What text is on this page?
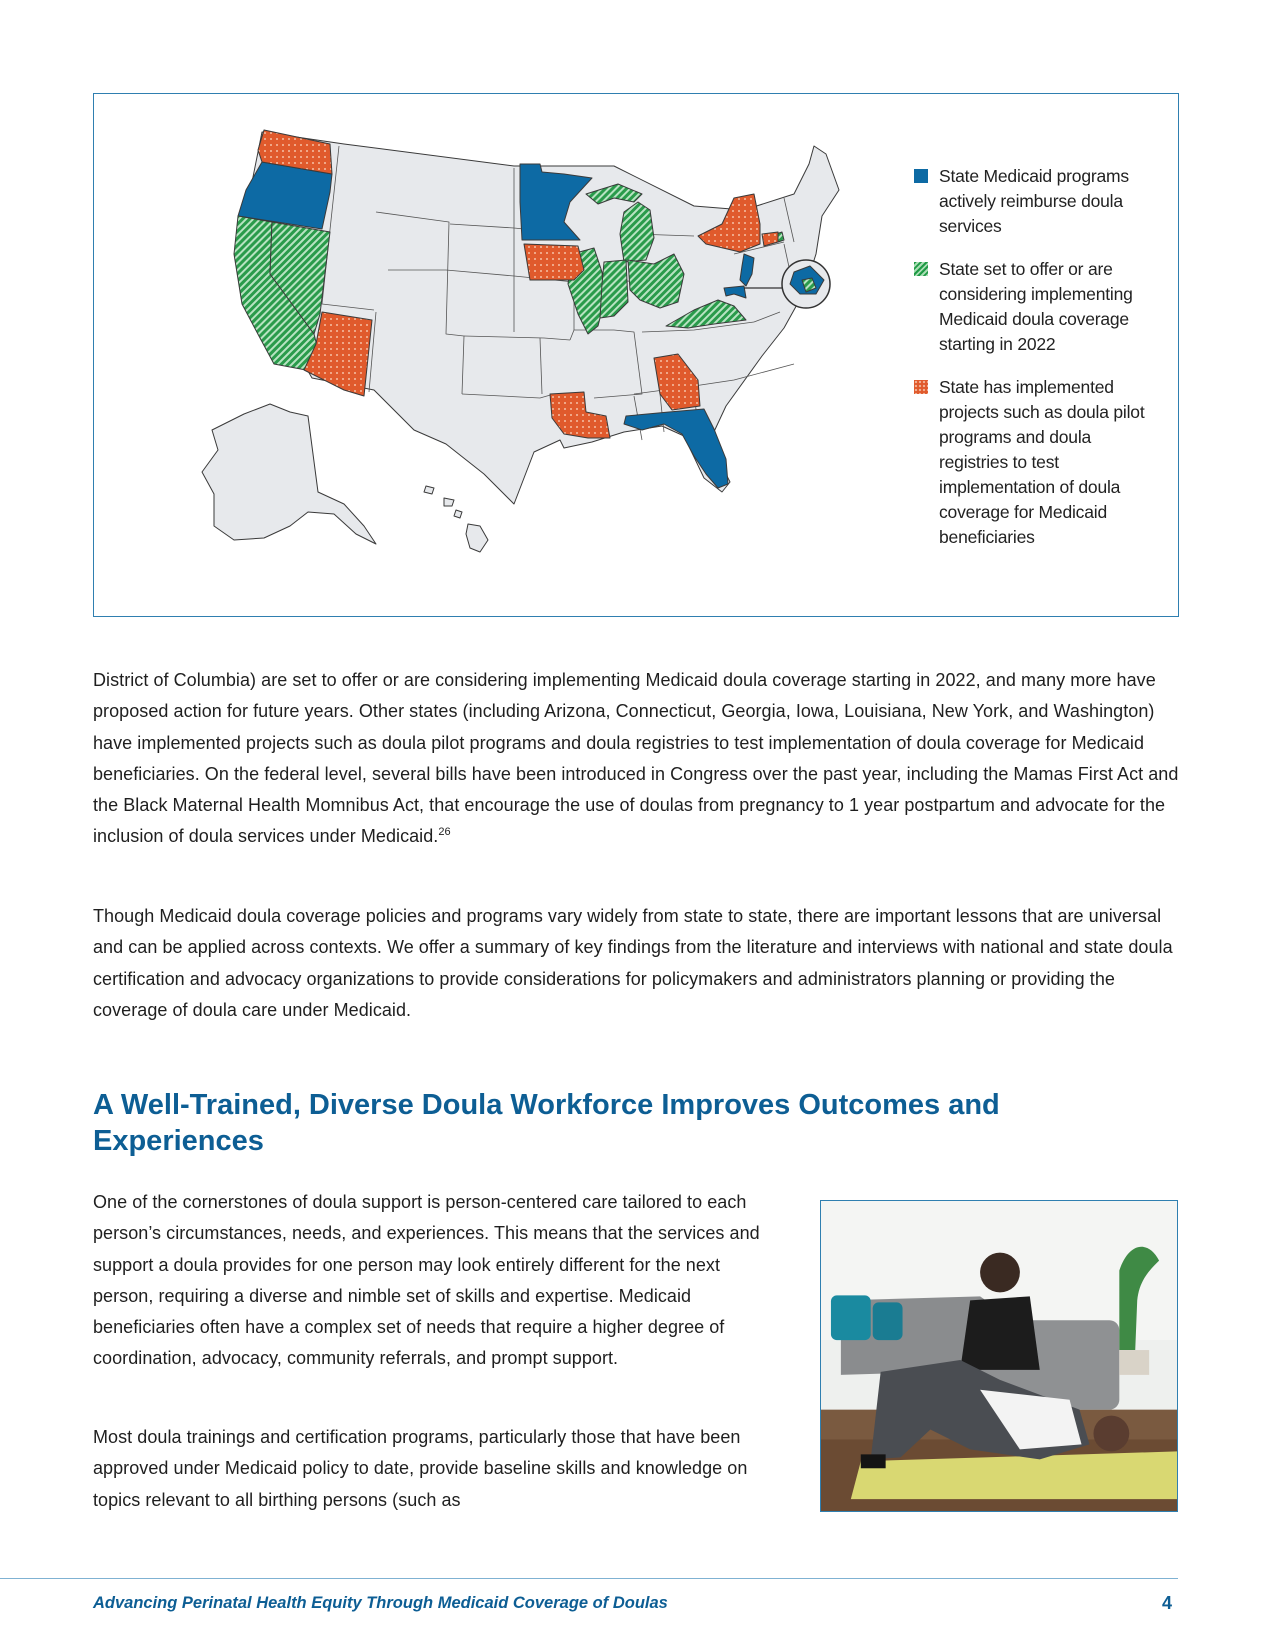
State Medicaid programs actively reimburse doula services
State set to offer or are considering implementing Medicaid doula coverage starting in 2022
State has implemented projects such as doula pilot programs and doula registries to test implementation of doula coverage for Medicaid beneficiaries

District of Columbia) are set to offer or are considering implementing Medicaid doula coverage starting in 2022, and many more have proposed action for future years. Other states (including Arizona, Connecticut, Georgia, Iowa, Louisiana, New York, and Washington) have implemented projects such as doula pilot programs and doula registries to test implementation of doula coverage for Medicaid beneficiaries. On the federal level, several bills have been introduced in Congress over the past year, including the Mamas First Act and the Black Maternal Health Momnibus Act, that encourage the use of doulas from pregnancy to 1 year postpartum and advocate for the inclusion of doula services under Medicaid.$^{26}$

Though Medicaid doula coverage policies and programs vary widely from state to state, there are important lessons that are universal and can be applied across contexts. We offer a summary of key findings from the literature and interviews with national and state doula certification and advocacy organizations to provide considerations for policymakers and administrators planning or providing the coverage of doula care under Medicaid.

A Well-Trained, Diverse Doula Workforce Improves Outcomes and Experiences

One of the cornerstones of doula support is person-centered care tailored to each person’s circumstances, needs, and experiences. This means that the services and support a doula provides for one person may look entirely different for the next person, requiring a diverse and nimble set of skills and expertise. Medicaid beneficiaries often have a complex set of needs that require a higher degree of coordination, advocacy, community referrals, and prompt support.

Most doula trainings and certification programs, particularly those that have been approved under Medicaid policy to date, provide baseline skills and knowledge on topics relevant to all birthing persons (such as

Advancing Perinatal Health Equity Through Medicaid Coverage of Doulas	4
